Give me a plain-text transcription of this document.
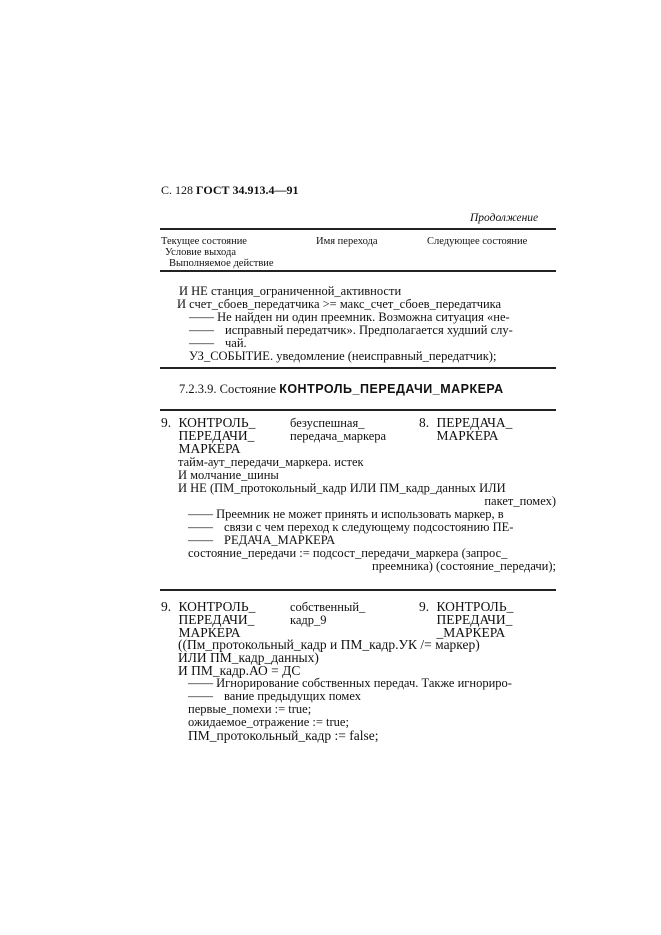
С. 128 ГОСТ 34.913.4—91
Продолжение
Текущее состояние
Условие выхода
Выполняемое действие
Имя перехода	Следующее состояние
И НЕ станция_ограниченной_активности
И счет_сбоев_передатчика >= макс_счет_сбоев_передатчика
—— Не найден ни один преемник. Возможна ситуация «не-
—— исправный передатчик». Предполагается худший слу-
—— чай.
УЗ_СОБЫТИЕ. уведомление (неисправный_передатчик);
7.2.3.9. Состояние КОНТРОЛЬ_ПЕРЕДАЧИ_МАРКЕРА
9. КОНТРОЛЬ_
ПЕРЕДАЧИ_
МАРКЕРА
безуспешная_
передача_маркера
8. ПЕРЕДАЧА_
МАРКЕРА
тайм-аут_передачи_маркера. истек
И молчание_шины
И НЕ (ПМ_протокольный_кадр ИЛИ ПМ_кадр_данных ИЛИ
пакет_помех)
—— Преемник не может принять и использовать маркер, в
—— связи с чем переход к следующему подсостоянию ПЕ-
—— РЕДАЧА_МАРКЕРА
состояние_передачи := подсост_передачи_маркера (запрос_
преемника) (состояние_передачи);
9. КОНТРОЛЬ_
ПЕРЕДАЧИ_
МАРКЕРА
собственный_
кадр_9
9. КОНТРОЛЬ_
ПЕРЕДАЧИ_
_МАРКЕРА
((Пм_протокольный_кадр и ПМ_кадр.УК /= маркер)
ИЛИ ПМ_кадр_данных)
И ПМ_кадр.АО = ДС
—— Игнорирование собственных передач. Также игнориро-
—— вание предыдущих помех
первые_помехи := true;
ожидаемое_отражение := true;
ПМ_протокольный_кадр := false;
